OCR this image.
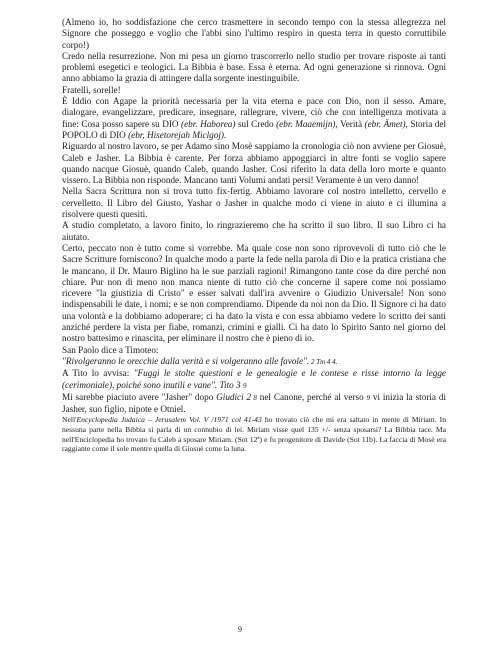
(Almeno io, ho soddisfazione che cerco trasmettere in secondo tempo con la stessa allegrezza nel Signore che posseggo e voglio che l'abbi sino l'ultimo respiro in questa terra in questo corruttibile corpo!)

Credo nella resurrezione. Non mi pesa un giorno trascorrerlo nello studio per trovare risposte ai tanti problemi esegetici e teologici. La Bibbia è base. Essa è eterna. Ad ogni generazione si rinnova. Ogni anno abbiamo la grazia di attingere dalla sorgente inestinguibile.

Fratelli, sorelle!

È Iddio con Agape la priorità necessaria per la vita eterna e pace con Dio, non il sesso. Amare, dialogare, evangelizzare, predicare, insegnare, rallegrare, vivere, ciò che con intelligenza motivata a fine: Cosa posso sapere su DIO (ebr. Haborea) sul Credo (ebr. Maaemijn), Verità (ebr. Ämet), Storia del POPOLO di DIO (ebr, Hisetorejah Miclgoj).

Riguardo al nostro lavoro, se per Adamo sino Mosè sappiamo la cronologia ciò non avviene per Giosuè, Caleb e Jasher. La Bibbia è carente. Per forza abbiamo appoggiarci in altre fonti se voglio sapere quando nacque Giosuè, quando Caleb, quando Jasher. Così riferito la data della loro morte e quanto vissero. La Bibbia non risponde. Mancano tanti Volumi andati persi! Veramente è un vero danno!

Nella Sacra Scrittura non si trova tutto fix-fertig. Abbiamo lavorare col nostro intelletto, cervello e cervelletto. Il Libro del Giusto, Yashar o Jasher in qualche modo ci viene in aiuto e ci illumina a risolvere questi quesiti.

A studio completato, a lavoro finito, lo ringrazieremo che ha scritto il suo libro. Il suo Libro ci ha aiutato.

Certo, peccato non è tutto come si vorrebbe. Ma quale cose non sono riprovevoli di tutto ciò che le Sacre Scritture forniscono? In qualche modo a parte la fede nella parola di Dio e la pratica cristiana che le mancano, il Dr. Mauro Biglino ha le sue parziali ragioni! Rimangono tante cose da dire perché non chiare. Pur non di meno non manca niente di tutto ciò che concerne il sapere come noi possiamo ricevere "la giustizia di Cristo" e esser salvati dall'ira avvenire o Giudizio Universale! Non sono indispensabili le date, i nomi; e se non comprendiamo. Dipende da noi non da Dio. Il Signore ci ha dato una volontà e la dobbiamo adoperare; ci ha dato la vista e con essa abbiamo vedere lo scritto dei santi anziché perdere la vista per fiabe, romanzi, crimini e gialli. Ci ha dato lo Spirito Santo nel giorno del nostro battesimo e rinascita, per eliminare il nostro che è pieno di io.

San Paolo dice a Timoteo:

"Rivolgeranno le orecchie dalla verità e si volgeranno alle favole". 2 Tm 4 4.

A Tito lo avvisa: "Fuggi le stolte questioni e le genealogie e le contese e risse intorno la legge (cerimoniale), poiché sono inutili e vane". Tito 3 9

Mi sarebbe piaciuto avere "Jasher" dopo Giudici 2 8 nel Canone, perché al verso 9 vi inizia la storia di Jasher, suo figlio, nipote e Otniel.

Nell'Encyclopedia Judaica – Jerusalem Vol. V /1971 col 41-43 ho trovato ciò che mi era saltato in mente di Miriam. In nessuna parte nella Bibbia si parla di un connubio di lei. Miriam visse quel 135 +/- senza sposarsi? La Bibbia tace. Ma nell'Enciclopedia ho trovato fu Caleb a sposare Miriam. (Sot 12ª) e fu progenitore di Davide (Sot 11b). La faccia di Mosè era raggiante come il sole mentre quella di Giosuè come la luna.

9
